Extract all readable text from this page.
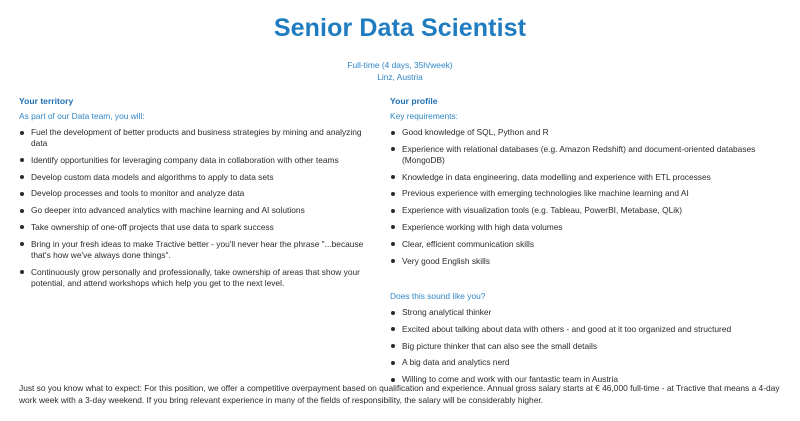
Senior Data Scientist
Full-time (4 days, 35h/week)
Linz, Austria
Your territory
As part of our Data team, you will:
Fuel the development of better products and business strategies by mining and analyzing data
Identify opportunities for leveraging company data in collaboration with other teams
Develop custom data models and algorithms to apply to data sets
Develop processes and tools to monitor and analyze data
Go deeper into advanced analytics with machine learning and AI solutions
Take ownership of one-off projects that use data to spark success
Bring in your fresh ideas to make Tractive better - you'll never hear the phrase "...because that's how we've always done things".
Continuously grow personally and professionally, take ownership of areas that show your potential, and attend workshops which help you get to the next level.
Your profile
Key requirements:
Good knowledge of SQL, Python and R
Experience with relational databases (e.g. Amazon Redshift) and document-oriented databases (MongoDB)
Knowledge in data engineering, data modelling and experience with ETL processes
Previous experience with emerging technologies like machine learning and AI
Experience with visualization tools (e.g. Tableau, PowerBI, Metabase, QLik)
Experience working with high data volumes
Clear, efficient communication skills
Very good English skills
Does this sound like you?
Strong analytical thinker
Excited about talking about data with others - and good at it too organized and structured
Big picture thinker that can also see the small details
A big data and analytics nerd
Willing to come and work with our fantastic team in Austria
Just so you know what to expect: For this position, we offer a competitive overpayment based on qualification and experience. Annual gross salary starts at € 46,000 full-time - at Tractive that means a 4-day work week with a 3-day weekend. If you bring relevant experience in many of the fields of responsibility, the salary will be considerably higher.
